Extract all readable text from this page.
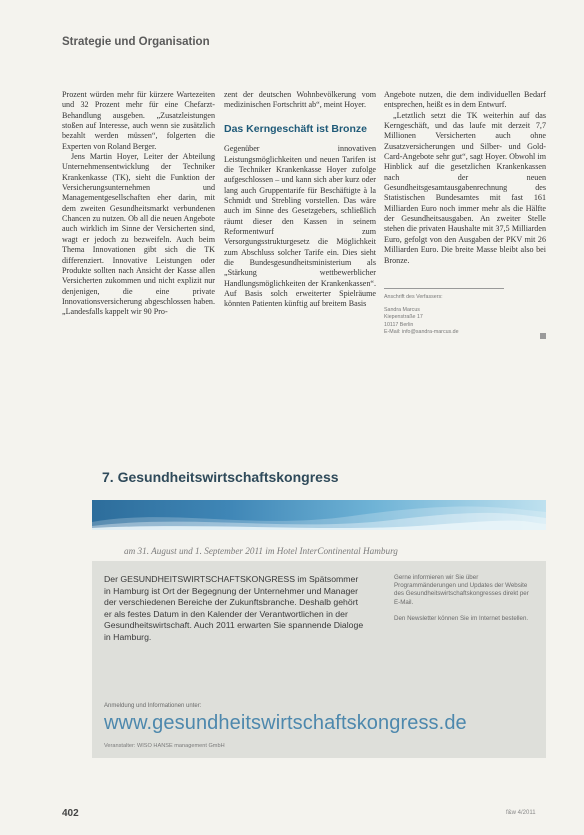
Strategie und Organisation

Prozent würden mehr für kürzere Wartezeiten und 32 Prozent mehr für eine Chefarzt-Behandlung ausgeben. „Zusatzleistungen stoßen auf Interesse, auch wenn sie zusätzlich bezahlt werden müssen“, folgerten die Experten von Roland Berger.

Jens Martin Hoyer, Leiter der Abteilung Unternehmensentwicklung der Techniker Krankenkasse (TK), sieht die Funktion der Versicherungsunternehmen und Managementgesellschaften eher darin, mit dem zweiten Gesundheitsmarkt verbundenen Chancen zu nutzen. Ob all die neuen Angebote auch wirklich im Sinne der Versicherten sind, wagt er jedoch zu bezweifeln. Auch beim Thema Innovationen gibt sich die TK differenziert. Innovative Leistungen oder Produkte sollten nach Ansicht der Kasse allen Versicherten zukommen und nicht explizit nur denjenigen, die eine private Innovationsversicherung abgeschlossen haben. „Landesfalls kappelt wir 90 Pro-

zent der deutschen Wohnbevölkerung vom medizinischen Fortschritt ab“, meint Hoyer.

Das Kerngeschäft ist Bronze

Gegenüber innovativen Leistungsmöglichkeiten und neuen Tarifen ist die Techniker Krankenkasse Hoyer zufolge aufgeschlossen – und kann sich aber kurz oder lang auch Gruppentarife für Beschäftigte à la Schmidt und Strebling vorstellen. Das wäre auch im Sinne des Gesetzgebers, schließlich räumt dieser den Kassen in seinem Reformentwurf zum Versorgungsstrukturgesetz die Möglichkeit zum Abschluss solcher Tarife ein. Dies sieht die Bundesgesundheitsministerium als „Stärkung wettbewerblicher Handlungsmöglichkeiten der Krankenkassen“. Auf Basis solch erweiterter Spielräume könnten Patienten künftig auf breitem Basis

Angebote nutzen, die dem individuellen Bedarf entsprechen, heißt es in dem Entwurf.

„Letztlich setzt die TK weiterhin auf das Kerngeschäft, und das laufe mit derzeit 7,7 Millionen Versicherten auch ohne Zusatzversicherungen und Silber- und Gold-Card-Angebote sehr gut“, sagt Hoyer. Obwohl im Hinblick auf die gesetzlichen Krankenkassen nach der neuen Gesundheitsgesamtausgabenrechnung des Statistischen Bundesamtes mit fast 161 Milliarden Euro noch immer mehr als die Hälfte der Gesundheitsausgaben. An zweiter Stelle stehen die privaten Haushalte mit 37,5 Milliarden Euro, gefolgt von den Ausgaben der PKV mit 26 Milliarden Euro. Die breite Masse bleibt also bei Bronze.

Anschrift des Verfassers:
Sandra Marcus
Kiepenstraße 17
10117 Berlin
E-Mail: info@sandra-marcus.de
7. Gesundheitswirtschaftskongress
am 31. August und 1. September 2011 im Hotel InterContinental Hamburg
Der GESUNDHEITSWIRTSCHAFTSKONGRESS im Spätsommer in Hamburg ist Ort der Begegnung der Unternehmer und Manager der verschiedenen Bereiche der Zukunftsbranche. Deshalb gehört er als festes Datum in den Kalender der Verantwortlichen in der Gesundheitswirtschaft. Auch 2011 erwarten Sie spannende Dialoge in Hamburg.

Gerne informieren wir Sie über Programmänderungen und Updates der Website des Gesundheitswirtschaftskongresses direkt per E-Mail.

Den Newsletter können Sie im Internet bestellen.

Anmeldung und Informationen unter:
www.gesundheitswirtschaftskongress.de
Veranstalter: WISO HANSE management GmbH
402	f&w 4/2011
